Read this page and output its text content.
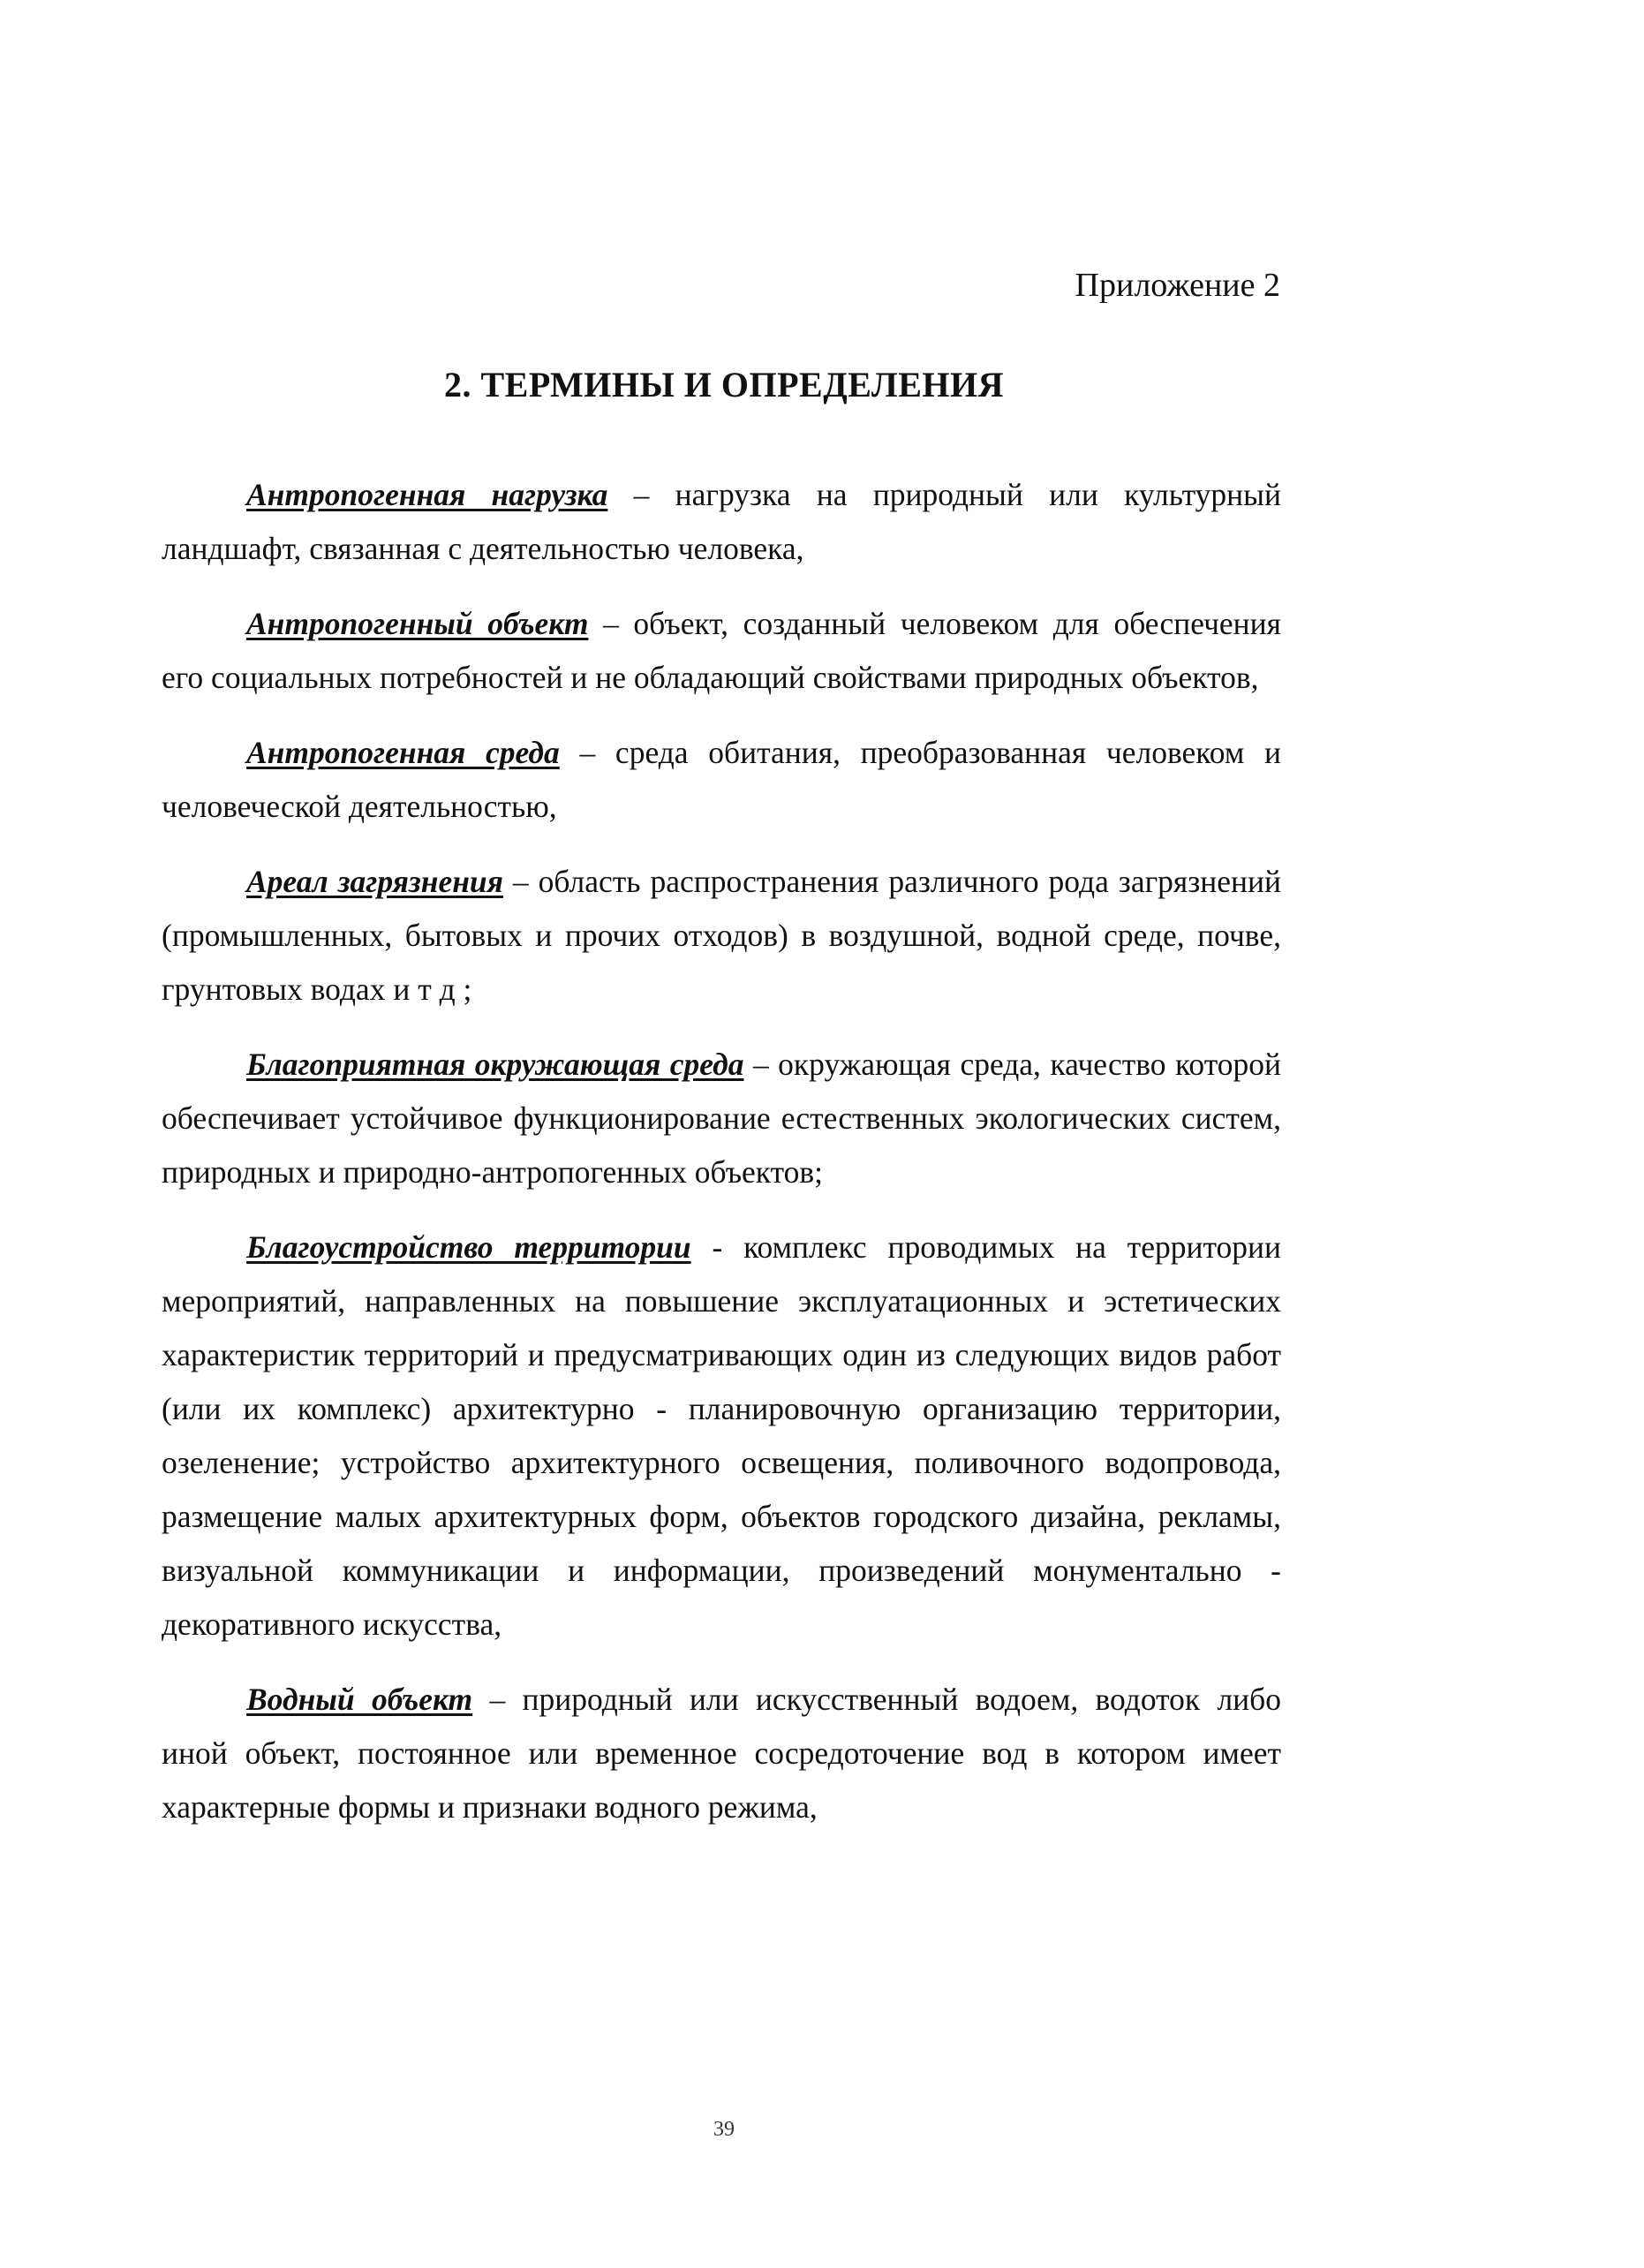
Приложение 2
2. ТЕРМИНЫ И ОПРЕДЕЛЕНИЯ

Антропогенная нагрузка – нагрузка на природный или культурный ландшафт, связанная с деятельностью человека,

Антропогенный объект – объект, созданный человеком для обеспечения его социальных потребностей и не обладающий свойствами природных объектов,

Антропогенная среда – среда обитания, преобразованная человеком и человеческой деятельностью,

Ареал загрязнения – область распространения различного рода загрязнений (промышленных, бытовых и прочих отходов) в воздушной, водной среде, почве, грунтовых водах и т д ;

Благоприятная окружающая среда – окружающая среда, качество которой обеспечивает устойчивое функционирование естественных экологических систем, природных и природно-антропогенных объектов;

Благоустройство территории - комплекс проводимых на территории мероприятий, направленных на повышение эксплуатационных и эстетических характеристик территорий и предусматривающих один из следующих видов работ (или их комплекс) архитектурно - планировочную организацию территории, озеленение; устройство архитектурного освещения, поливочного водопровода, размещение малых архитектурных форм, объектов городского дизайна, рекламы, визуальной коммуникации и информации, произведений монументально - декоративного искусства,

Водный объект – природный или искусственный водоем, водоток либо иной объект, постоянное или временное сосредоточение вод в котором имеет характерные формы и признаки водного режима,

39
